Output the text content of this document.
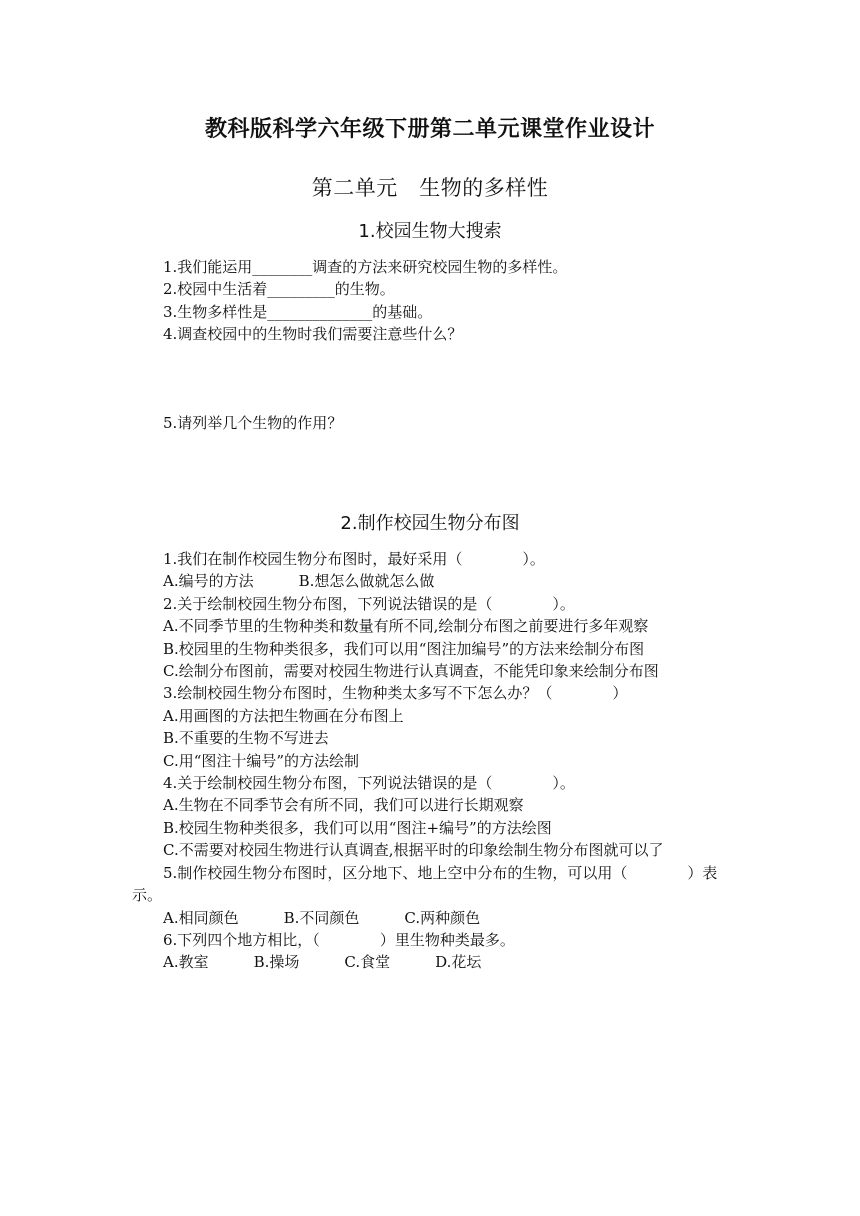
教科版科学六年级下册第二单元课堂作业设计
第二单元　生物的多样性
1.校园生物大搜索

1.我们能运用________调查的方法来研究校园生物的多样性。

2.校园中生活着_________的生物。

3.生物多样性是______________的基础。

4.调查校园中的生物时我们需要注意些什么？

5.请列举几个生物的作用？

2.制作校园生物分布图

1.我们在制作校园生物分布图时，最好采用（　　　　）。

A.编号的方法　　　B.想怎么做就怎么做

2.关于绘制校园生物分布图，下列说法错误的是（　　　　）。

A.不同季节里的生物种类和数量有所不同,绘制分布图之前要进行多年观察

B.校园里的生物种类很多，我们可以用“图注加编号”的方法来绘制分布图

C.绘制分布图前，需要对校园生物进行认真调查，不能凭印象来绘制分布图

3.绘制校园生物分布图时，生物种类太多写不下怎么办？（　　　　）

A.用画图的方法把生物画在分布图上

B.不重要的生物不写进去

C.用“图注十编号”的方法绘制

4.关于绘制校园生物分布图，下列说法错误的是（　　　　）。

A.生物在不同季节会有所不同，我们可以进行长期观察

B.校园生物种类很多，我们可以用“图注+编号”的方法绘图

C.不需要对校园生物进行认真调查,根据平时的印象绘制生物分布图就可以了

5.制作校园生物分布图时，区分地下、地上空中分布的生物，可以用（　　　　）表示。

A.相同颜色　　　B.不同颜色　　　C.两种颜色

6.下列四个地方相比，（　　　　）里生物种类最多。

A.教室　　　B.操场　　　C.食堂　　　D.花坛
